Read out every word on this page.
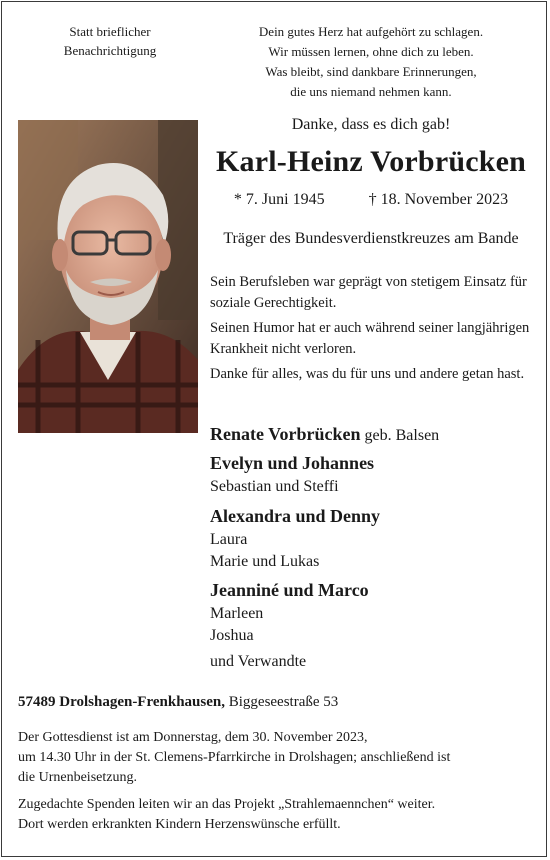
Statt brieflicher
Benachrichtigung
Dein gutes Herz hat aufgehört zu schlagen.
Wir müssen lernen, ohne dich zu leben.
Was bleibt, sind dankbare Erinnerungen,
die uns niemand nehmen kann.
Danke, dass es dich gab!
Karl-Heinz Vorbrücken
* 7. Juni 1945	† 18. November 2023
Träger des Bundesverdienstkreuzes am Bande

Sein Berufsleben war geprägt von stetigem Einsatz für soziale Gerechtigkeit.

Seinen Humor hat er auch während seiner langjährigen Krankheit nicht verloren.

Danke für alles, was du für uns und andere getan hast.

Renate Vorbrücken geb. Balsen
Evelyn und Johannes
Sebastian und Steffi
Alexandra und Denny
Laura
Marie und Lukas
Jeanniné und Marco
Marleen
Joshua
und Verwandte
57489 Drolshagen-Frenkhausen, Biggeseestraße 53
Der Gottesdienst ist am Donnerstag, dem 30. November 2023,
um 14.30 Uhr in der St. Clemens-Pfarrkirche in Drolshagen; anschließend ist
die Urnenbeisetzung.
Zugedachte Spenden leiten wir an das Projekt „Strahlemaennchen“ weiter.
Dort werden erkrankten Kindern Herzenswünsche erfüllt.
